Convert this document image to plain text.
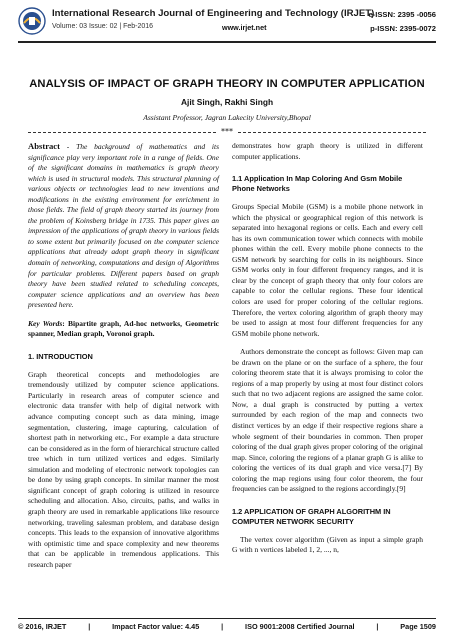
International Research Journal of Engineering and Technology (IRJET)
Volume: 03 Issue: 02 | Feb-2016	www.irjet.net
e-ISSN: 2395 -0056
p-ISSN: 2395-0072
ANALYSIS OF IMPACT OF GRAPH THEORY IN COMPUTER APPLICATION
Ajit Singh, Rakhi Singh
Assistant Professor, Jagran Lakecity University,Bhopal
***

Abstract - The background of mathematics and its significance play very important role in a range of fields. One of the significant domains in mathematics is graph theory which is used in structural models. This structural planning of various objects or technologies lead to new inventions and modifications in the existing environment for enrichment in those fields. The field of graph theory started its journey from the problem of Koinsberg bridge in 1735. This paper gives an impression of the applications of graph theory in various fields to some extent but primarily focused on the computer science applications that already adopt graph theory in significant domain of networking, computations and design of Algorithms for particular problems. Different papers based on graph theory have been studied related to scheduling concepts, computer science applications and an overview has been presented here.

Key Words: Bipartite graph, Ad-hoc networks, Geometric spanner, Median graph, Voronoi graph.

1. INTRODUCTION

Graph theoretical concepts and methodologies are tremendously utilized by computer science applications. Particularly in research areas of computer science and electronic data transfer with help of digital network with advance computing concept such as data mining, image segmentation, clustering, image capturing, calculation of shortest path in networking etc., For example a data structure can be considered as in the form of hierarchical structure called tree which in turn utilized vertices and edges. Similarly simulation and modeling of electronic network topologies can be done by using graph concepts. In similar manner the most significant concept of graph coloring is utilized in resource scheduling and allocation. Also, circuits, paths, and walks in graph theory are used in remarkable applications like resource networking, traveling salesman problem, and database design concepts. This leads to the expansion of innovative algorithms with optimistic time and space complexity and new theorems that can be applicable in tremendous applications. This research paper

demonstrates how graph theory is utilized in different computer applications.

1.1 Application In Map Coloring And Gsm Mobile Phone Networks

Groups Special Mobile (GSM) is a mobile phone network in which the physical or geographical region of this network is separated into hexagonal regions or cells. Each and every cell has its own communication tower which connects with mobile phones within the cell. Every mobile phone connects to the GSM network by searching for cells in its neighbours. Since GSM works only in four different frequency ranges, and it is clear by the concept of graph theory that only four colors are capable to color the cellular regions. These four identical colors are used for proper coloring of the cellular regions. Therefore, the vertex coloring algorithm of graph theory may be used to assign at most four different frequencies for any GSM mobile phone network.

Authors demonstrate the concept as follows: Given map can be drawn on the plane or on the surface of a sphere, the four coloring theorem state that it is always promising to color the regions of a map properly by using at most four distinct colors such that no two adjacent regions are assigned the same color. Now, a dual graph is constructed by putting a vertex surrounded by each region of the map and connects two distinct vertices by an edge if their respective regions share a whole segment of their boundaries in common. Then proper coloring of the dual graph gives proper coloring of the original map. Since, coloring the regions of a planar graph G is alike to coloring the vertices of its dual graph and vice versa.[7] By coloring the map regions using four color theorem, the four frequencies can be assigned to the regions accordingly.[9]

1.2 APPLICATION OF GRAPH ALGORITHM IN COMPUTER NETWORK SECURITY

The vertex cover algorithm (Given as input a simple graph G with n vertices labeled 1, 2, ..., n,

© 2016, IRJET	|	Impact Factor value: 4.45	|	ISO 9001:2008 Certified Journal	|	Page 1509
